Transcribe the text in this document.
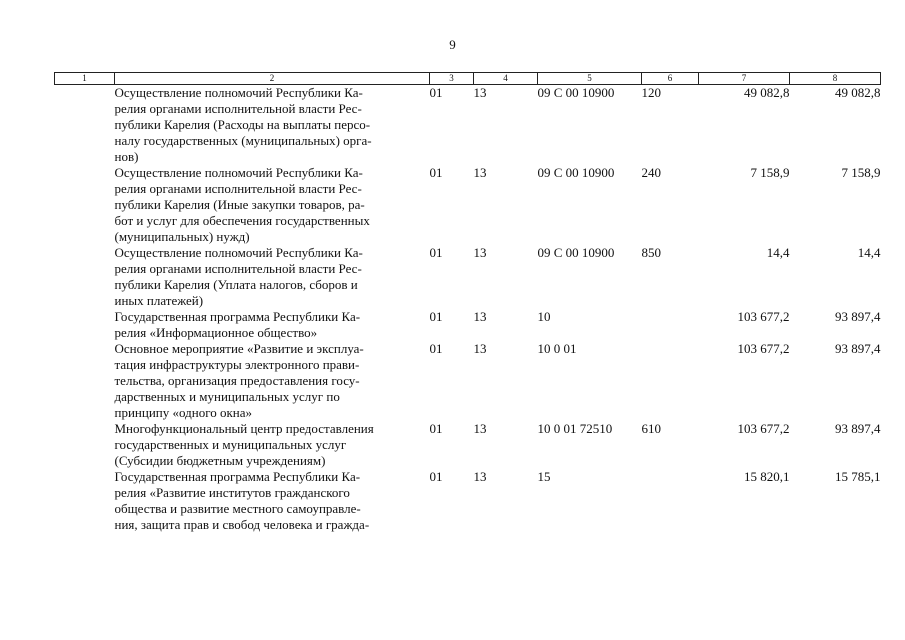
9
1	2	3	4	5	6	7	8

	Осуществление полномочий Республики Ка-
релия органами исполнительной власти Рес-
публики Карелия (Расходы на выплаты персо-
налу государственных (муниципальных) орга-
нов)	01	13	09 С 00 10900	120	49 082,8	49 082,8

	Осуществление полномочий Республики Ка-
релия органами исполнительной власти Рес-
публики Карелия (Иные закупки товаров, ра-
бот и услуг для обеспечения государственных
(муниципальных) нужд)	01	13	09 С 00 10900	240	7 158,9	7 158,9

	Осуществление полномочий Республики Ка-
релия органами исполнительной власти Рес-
публики Карелия (Уплата налогов, сборов и
иных платежей)	01	13	09 С 00 10900	850	14,4	14,4

	Государственная программа Республики Ка-
релия «Информационное общество»	01	13	10		103 677,2	93 897,4

	Основное мероприятие «Развитие и эксплуа-
тация инфраструктуры электронного прави-
тельства, организация предоставления госу-
дарственных и муниципальных услуг по
принципу «одного окна»	01	13	10 0 01		103 677,2	93 897,4

	Многофункциональный центр предоставления
государственных и муниципальных услуг
(Субсидии бюджетным учреждениям)	01	13	10 0 01 72510	610	103 677,2	93 897,4

	Государственная программа Республики Ка-
релия «Развитие институтов гражданского
общества и развитие местного самоуправле-
ния, защита прав и свобод человека и гражда-	01	13	15		15 820,1	15 785,1
